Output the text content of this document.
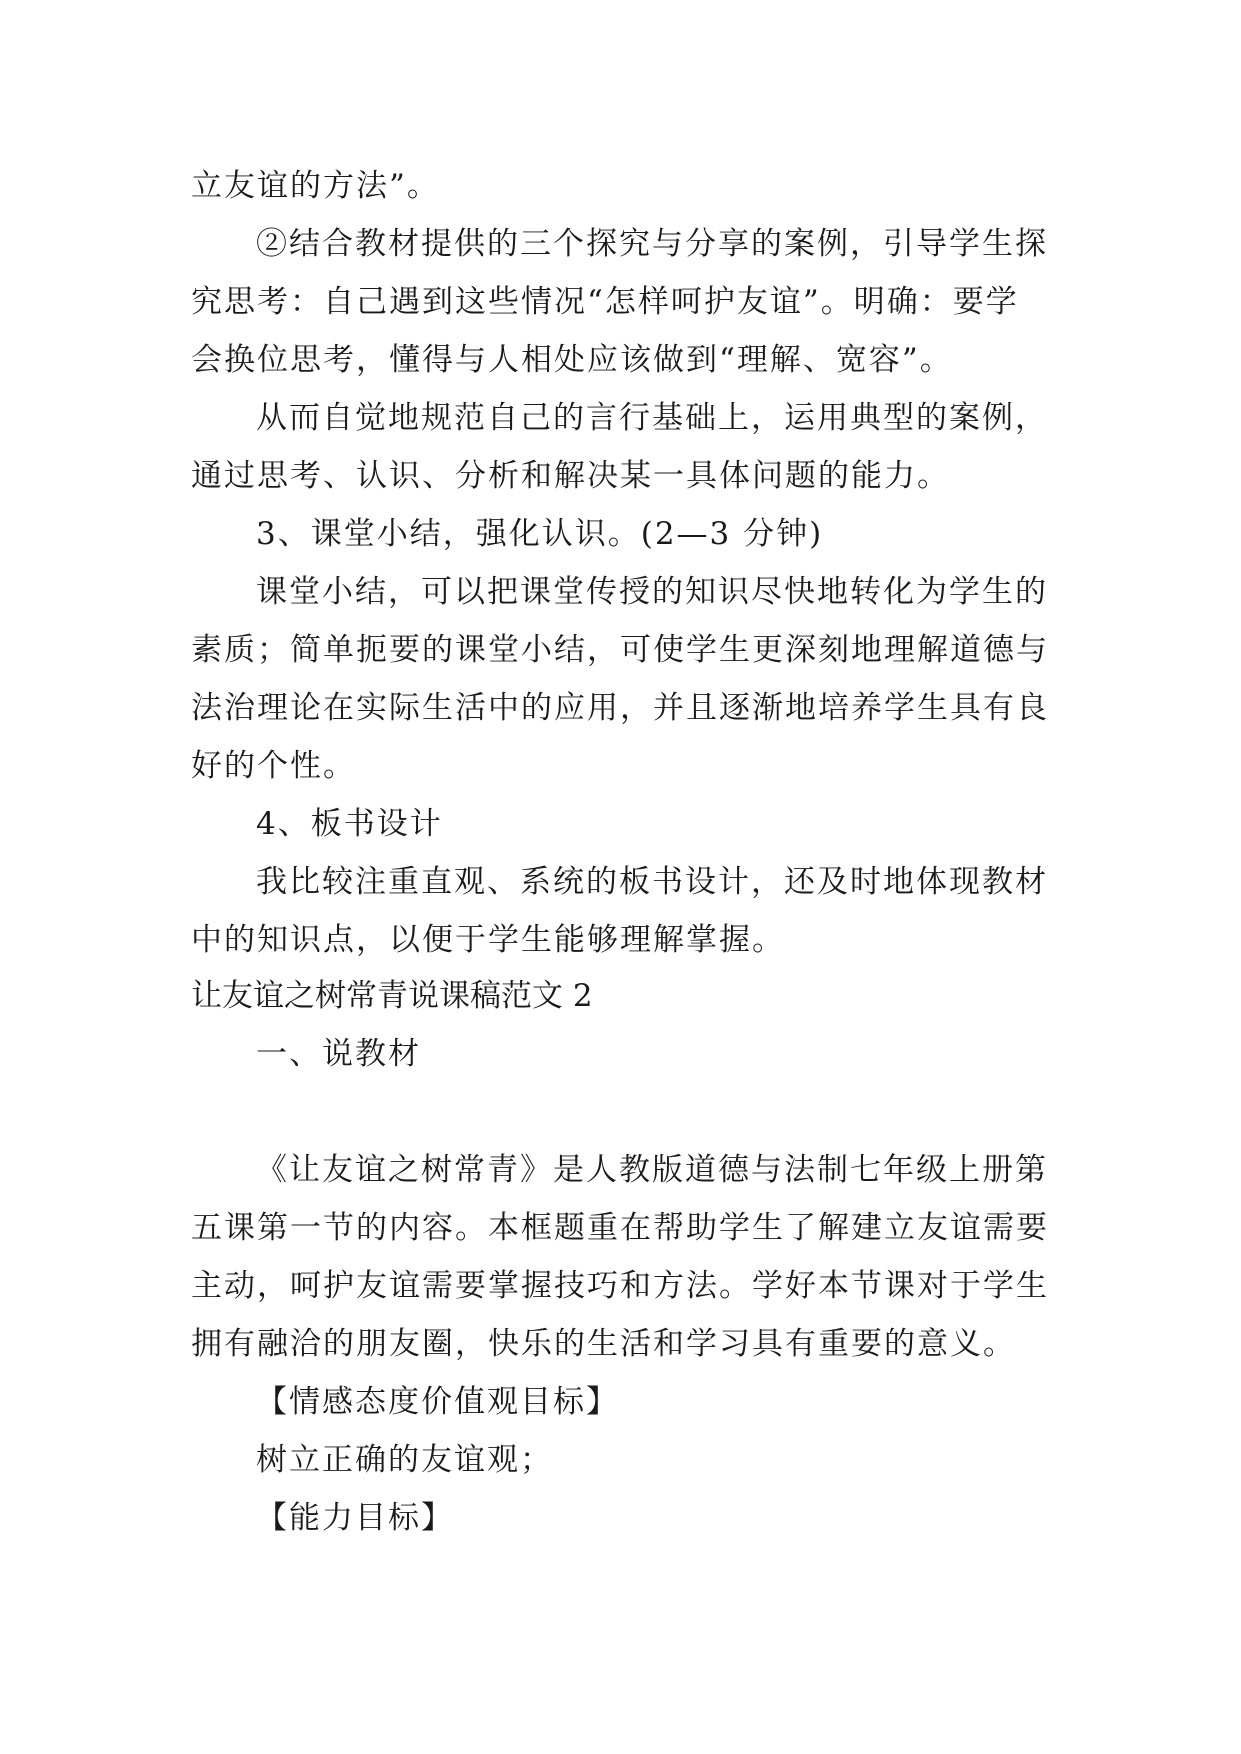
立友谊的方法”。
②结合教材提供的三个探究与分享的案例，引导学生探
究思考：自己遇到这些情况“怎样呵护友谊”。明确：要学
会换位思考，懂得与人相处应该做到“理解、宽容”。
从而自觉地规范自己的言行基础上，运用典型的案例，
通过思考、认识、分析和解决某一具体问题的能力。
3、课堂小结，强化认识。(2—3 分钟)
课堂小结，可以把课堂传授的知识尽快地转化为学生的
素质；简单扼要的课堂小结，可使学生更深刻地理解道德与
法治理论在实际生活中的应用，并且逐渐地培养学生具有良
好的个性。
4、板书设计
我比较注重直观、系统的板书设计，还及时地体现教材
中的知识点，以便于学生能够理解掌握。
让友谊之树常青说课稿范文 2
一、说教材
《让友谊之树常青》是人教版道德与法制七年级上册第
五课第一节的内容。本框题重在帮助学生了解建立友谊需要
主动，呵护友谊需要掌握技巧和方法。学好本节课对于学生
拥有融洽的朋友圈，快乐的生活和学习具有重要的意义。
【情感态度价值观目标】
树立正确的友谊观；
【能力目标】
